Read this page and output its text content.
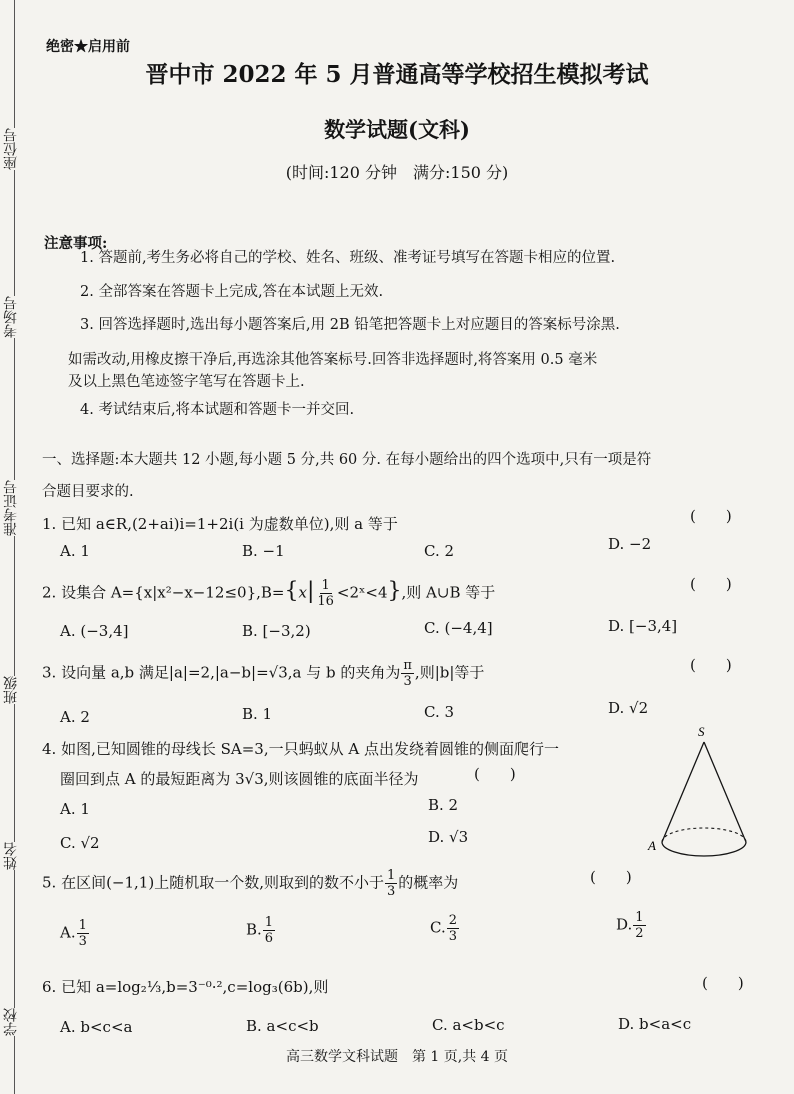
座位号
考场号
准考证号
班级
姓名
学校
绝密★启用前
晋中市 2022 年 5 月普通高等学校招生模拟考试
数学试题(文科)
(时间:120 分钟　满分:150 分)
注意事项:
1. 答题前,考生务必将自己的学校、姓名、班级、准考证号填写在答题卡相应的位置.
2. 全部答案在答题卡上完成,答在本试题上无效.
3. 回答选择题时,选出每小题答案后,用 2B 铅笔把答题卡上对应题目的答案标号涂黑.
如需改动,用橡皮擦干净后,再选涂其他答案标号.回答非选择题时,将答案用 0.5 毫米
及以上黑色笔迹签字笔写在答题卡上.
4. 考试结束后,将本试题和答题卡一并交回.
一、选择题:本大题共 12 小题,每小题 5 分,共 60 分. 在每小题给出的四个选项中,只有一项是符
合题目要求的.
1. 已知 a∈R,(2+ai)i=1+2i(i 为虚数单位),则 a 等于	(　　)
A. 1	B. −1	C. 2	D. −2
2. 设集合 $A=\{x|x^2-x-12\le 0\},B=\{x| \frac{1}{16}$ <2ˣ<4},则 A∪B 等于	(　　)
A. (−3,4]	B. [−3,2)	C. (−4,4]	D. [−3,4]
3. 设向量 a,b 满足|a|=2,|a−b|=√3,a 与 b 的夹角为 $\frac{\pi}{3}$ ,则|b|等于	(　　)
A. 2	B. 1	C. 3	D. √2
4. 如图,已知圆锥的母线长 SA=3,一只蚂蚁从 A 点出发绕着圆锥的侧面爬行一
圈回到点 A 的最短距离为 3√3,则该圆锥的底面半径为	(　　)
A. 1	B. 2
C. √2	D. √3
S
A
5. 在区间(−1,1)上随机取一个数,则取到的数不小于 $\frac{1}{3}$ 的概率为	(　　)
A. $\frac{1}{3}$	B. $\frac{1}{6}$	C. $\frac{2}{3}$	D. $\frac{1}{2}$
6. 已知 a=log₂⅓,b=3⁻⁰·²,c=log₃(6b),则	(　　)
A. b<c<a	B. a<c<b	C. a<b<c	D. b<a<c
高三数学文科试题　第 1 页,共 4 页
